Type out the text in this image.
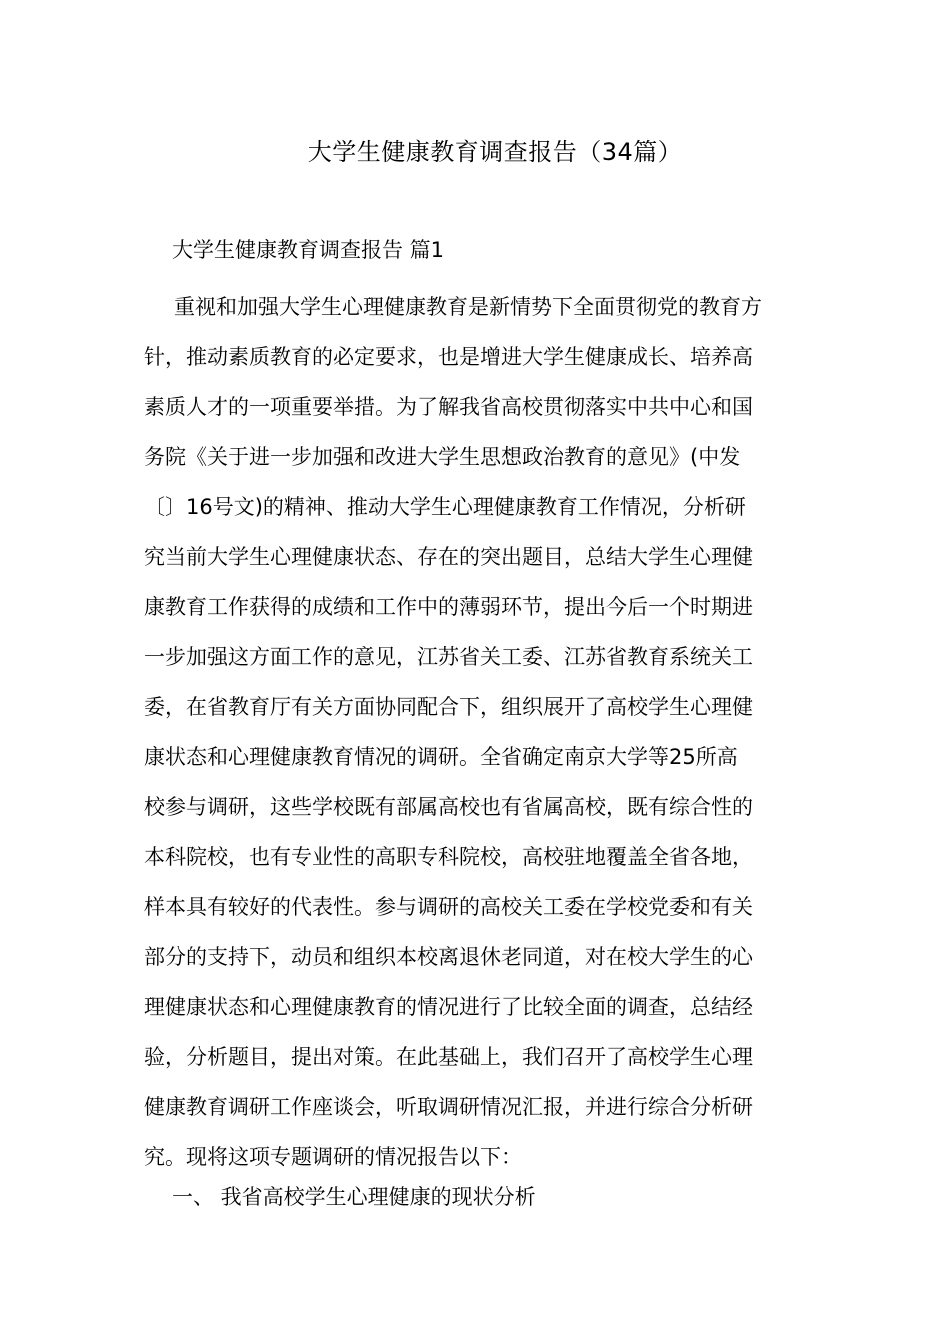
大学生健康教育调查报告（34篇）
大学生健康教育调查报告 篇1
重视和加强大学生心理健康教育是新情势下全面贯彻党的教育方
针，推动素质教育的必定要求，也是增进大学生健康成长、培养高
素质人才的一项重要举措。为了解我省高校贯彻落实中共中心和国
务院《关于进一步加强和改进大学生思想政治教育的意见》(中发
〔〕16号文)的精神、推动大学生心理健康教育工作情况，分析研
究当前大学生心理健康状态、存在的突出题目，总结大学生心理健
康教育工作获得的成绩和工作中的薄弱环节，提出今后一个时期进
一步加强这方面工作的意见，江苏省关工委、江苏省教育系统关工
委，在省教育厅有关方面协同配合下，组织展开了高校学生心理健
康状态和心理健康教育情况的调研。全省确定南京大学等25所高
校参与调研，这些学校既有部属高校也有省属高校，既有综合性的
本科院校，也有专业性的高职专科院校，高校驻地覆盖全省各地，
样本具有较好的代表性。参与调研的高校关工委在学校党委和有关
部分的支持下，动员和组织本校离退休老同道，对在校大学生的心
理健康状态和心理健康教育的情况进行了比较全面的调查，总结经
验，分析题目，提出对策。在此基础上，我们召开了高校学生心理
健康教育调研工作座谈会，听取调研情况汇报，并进行综合分析研
究。现将这项专题调研的情况报告以下：
一、 我省高校学生心理健康的现状分析
